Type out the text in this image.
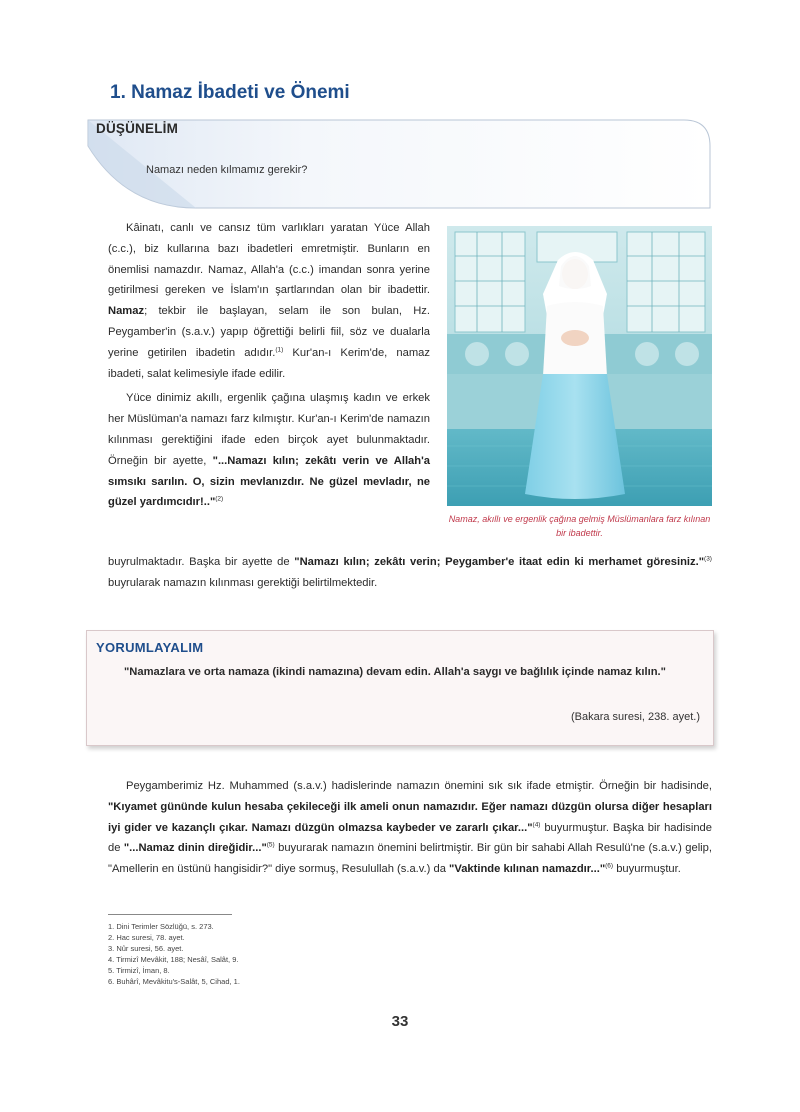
1. Namaz İbadeti ve Önemi
DÜŞÜNELİM
Namazı neden kılmamız gerekir?

Kâinatı, canlı ve cansız tüm varlıkları yaratan Yüce Allah (c.c.), biz kullarına bazı ibadetleri emretmiştir. Bunların en önemlisi namazdır. Namaz, Allah'a (c.c.) imandan sonra yerine getirilmesi gereken ve İslam'ın şartlarından olan bir ibadettir. Namaz; tekbir ile başlayan, selam ile son bulan, Hz. Peygamber'in (s.a.v.) yapıp öğrettiği belirli fiil, söz ve dualarla yerine getirilen ibadetin adıdır.$^{(1)}$ Kur'an-ı Kerim'de, namaz ibadeti, salat kelimesiyle ifade edilir.

Yüce dinimiz akıllı, ergenlik çağına ulaşmış kadın ve erkek her Müslüman'a namazı farz kılmıştır. Kur'an-ı Kerim'de namazın kılınması gerektiğini ifade eden birçok ayet bulunmaktadır. Örneğin bir ayette, "...Namazı kılın; zekâtı verin ve Allah'a sımsıkı sarılın. O, sizin mevlanızdır. Ne güzel mevladır, ne güzel yardımcıdır!.."$^{(2)}$

buyrulmaktadır. Başka bir ayette de "Namazı kılın; zekâtı verin; Peygamber'e itaat edin ki merhamet göresiniz."$^{(3)}$ buyrularak namazın kılınması gerektiği belirtilmektedir.
Namaz, akıllı ve ergenlik çağına gelmiş Müslümanlara farz kılınan bir ibadettir.
YORUMLAYALIM
"Namazlara ve orta namaza (ikindi namazına) devam edin. Allah'a saygı ve bağlılık içinde namaz kılın."
(Bakara suresi, 238. ayet.)

Peygamberimiz Hz. Muhammed (s.a.v.) hadislerinde namazın önemini sık sık ifade etmiştir. Örneğin bir hadisinde, "Kıyamet gününde kulun hesaba çekileceği ilk ameli onun namazıdır. Eğer namazı düzgün olursa diğer hesapları iyi gider ve kazançlı çıkar. Namazı düzgün olmazsa kaybeder ve zararlı çıkar..."$^{(4)}$ buyurmuştur. Başka bir hadisinde de "...Namaz dinin direğidir..."$^{(5)}$ buyurarak namazın önemini belirtmiştir. Bir gün bir sahabi Allah Resulü'ne (s.a.v.) gelip, "Amellerin en üstünü hangisidir?" diye sormuş, Resulullah (s.a.v.) da "Vaktinde kılınan namazdır..."$^{(6)}$ buyurmuştur.

1. Dini Terimler Sözlüğü, s. 273.
2. Hac suresi, 78. ayet.
3. Nûr suresi, 56. ayet.
4. Tirmizî Mevâkit, 188; Nesâî, Salât, 9.
5. Tirmizî, İman, 8.
6. Buhârî, Mevâkitu's-Salât, 5, Cihad, 1.
33
